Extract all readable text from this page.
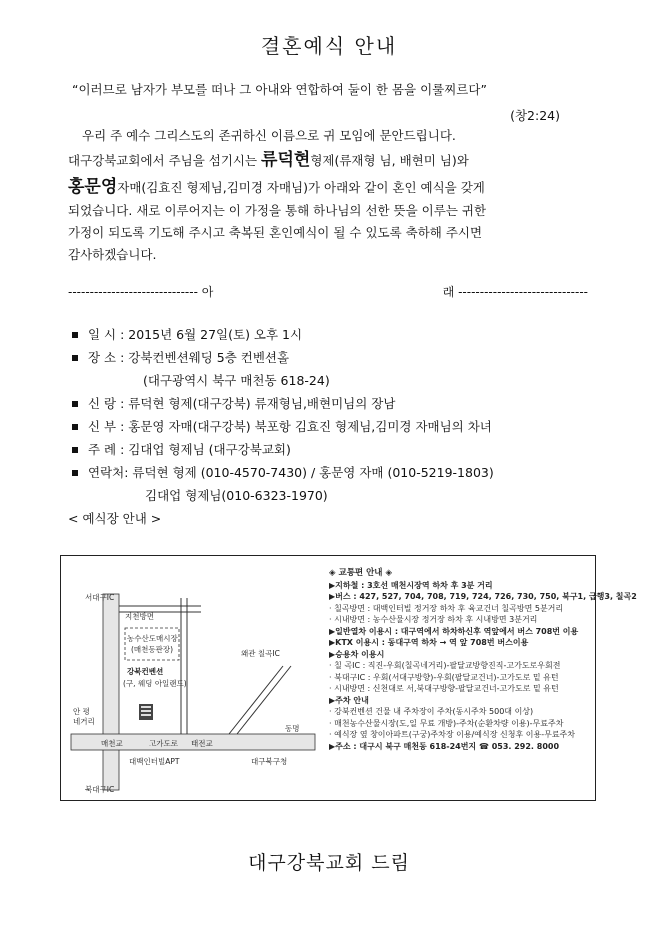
결혼예식 안내
“이러므로 남자가 부모를 떠나 그 아내와 연합하여 둘이 한 몸을 이룰찌르다”
(창2:24)
우리 주 예수 그리스도의 존귀하신 이름으로 귀 모임에 문안드립니다.
대구강북교회에서 주님을 섬기시는 류덕현형제(류재형 님, 배현미 님)와
홍문영자매(김효진 형제님,김미경 자매님)가 아래와 같이 혼인 예식을 갖게
되었습니다. 새로 이루어지는 이 가정을 통해 하나님의 선한 뜻을 이루는 귀한
가정이 되도록 기도해 주시고 축복된 혼인예식이 될 수 있도록 축하해 주시면
감사하겠습니다.
------------------------------ 아	래 ------------------------------
일 시 : 2015년 6월 27일(토) 오후 1시
장 소 : 강북컨벤션웨딩 5층 컨벤션홀
(대구광역시 북구 매천동 618-24)
신 랑 : 류덕현 형제(대구강북) 류재형님,배현미님의 장남
신 부 : 홍문영 자매(대구강북) 북포항 김효진 형제님,김미경 자매님의 차녀
주 례 : 김대업 형제님 (대구강북교회)
연락처: 류덕현 형제 (010-4570-7430) / 홍문영 자매 (010-5219-1803)
김대업 형제님(010-6323-1970)
< 예식장 안내 >
서대구IC
지천방면
농수산도매시장
(매천동판장)
강북컨벤션
(구, 웨딩 아일랜드)
안 평
네거리
매천교	고가도로 태전교
대백인터빌APT
북대구IC
왜관 칠곡IC
동명
대구북구청
◈ 교통편 안내 ◈
▶지하철 : 3호선 매천시장역 하차 후 3분 거리
▶버스 : 427, 527, 704, 708, 719, 724, 726, 730, 750, 북구1, 급행3, 칠곡2
· 칠곡방면 : 대백인터빌 정거장 하차 후 육교건너 칠곡방면 5분거리
· 시내방면 : 농수산물시장 정거장 하차 후 시내방면 3분거리
▶일반열차 이용시 : 대구역에서 하차하신후 역앞에서 버스 708번 이용
▶KTX 이용시 : 동대구역 하차 → 역 앞 708번 버스이용
▶승용차 이용시
· 칠 곡IC : 직진-우회(칠곡네거리)-팔달교방향진직-고가도로우회전
· 북대구IC : 우회(서대구방향)-우회(팔달교건너)-고가도로 밑 유턴
· 시내방면 : 신천대로 서,북대구방향-팔달교건너-고가도로 밑 유턴
▶주차 안내
· 강북컨벤션 건물 내 주차장이 주차(동시주차 500대 이상)
· 매천농수산물시장(도,일 무료 개방)-주차(순환차량 이용)-무료주차
· 예식장 옆 창이아파트(구궁)주차장 이용/예식장 신청후 이용-무료주차
▶주소 : 대구시 북구 매천동 618-24번지 ☎ 053. 292. 8000
대구강북교회 드림
